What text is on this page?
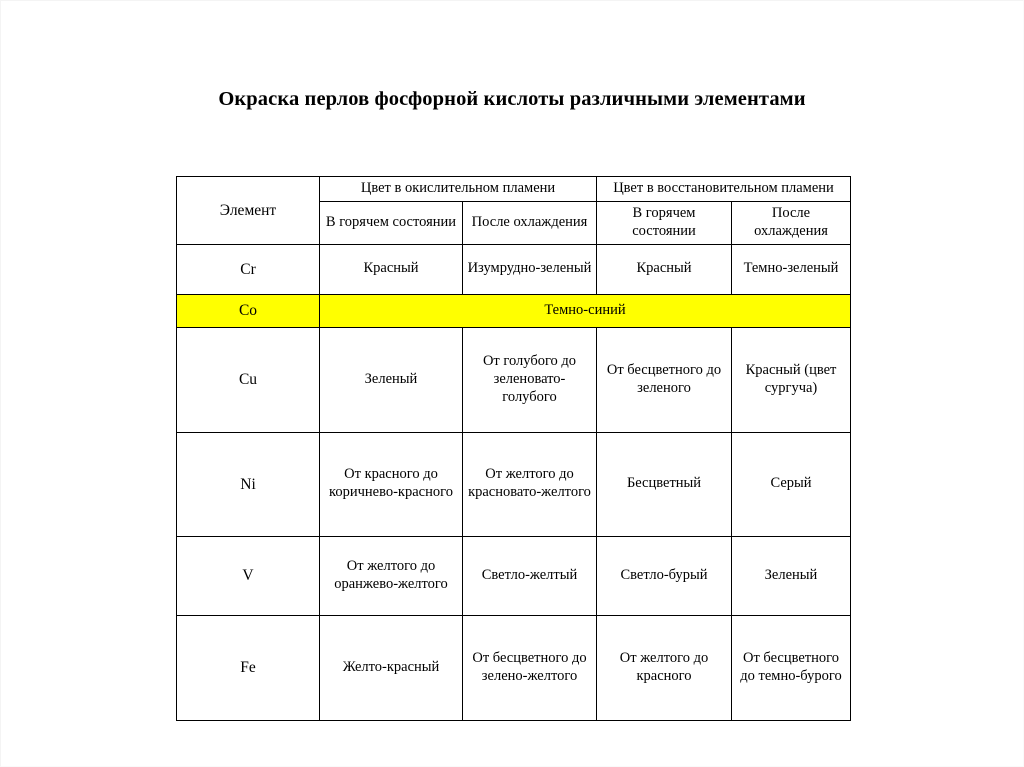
Окраска перлов фосфорной кислоты различными элементами
Элемент	Цвет в окислительном пламени		Цвет в восстановительном пламени	
	В горячем состоянии	После охлаждения	В горячем состоянии	После охлаждения
Cr	Красный	Изумрудно-зеленый	Красный	Темно-зеленый
Co	Темно-синий			
Cu	Зеленый	От голубого до зеленовато-голубого	От бесцветного до зеленого	Красный (цвет сургуча)
Ni	От красного до коричнево-красного	От желтого до красновато-желтого	Бесцветный	Серый
V	От желтого до оранжево-желтого	Светло-желтый	Светло-бурый	Зеленый
Fe	Желто-красный	От бесцветного до зелено-желтого	От желтого до красного	От бесцветного до темно-бурого
